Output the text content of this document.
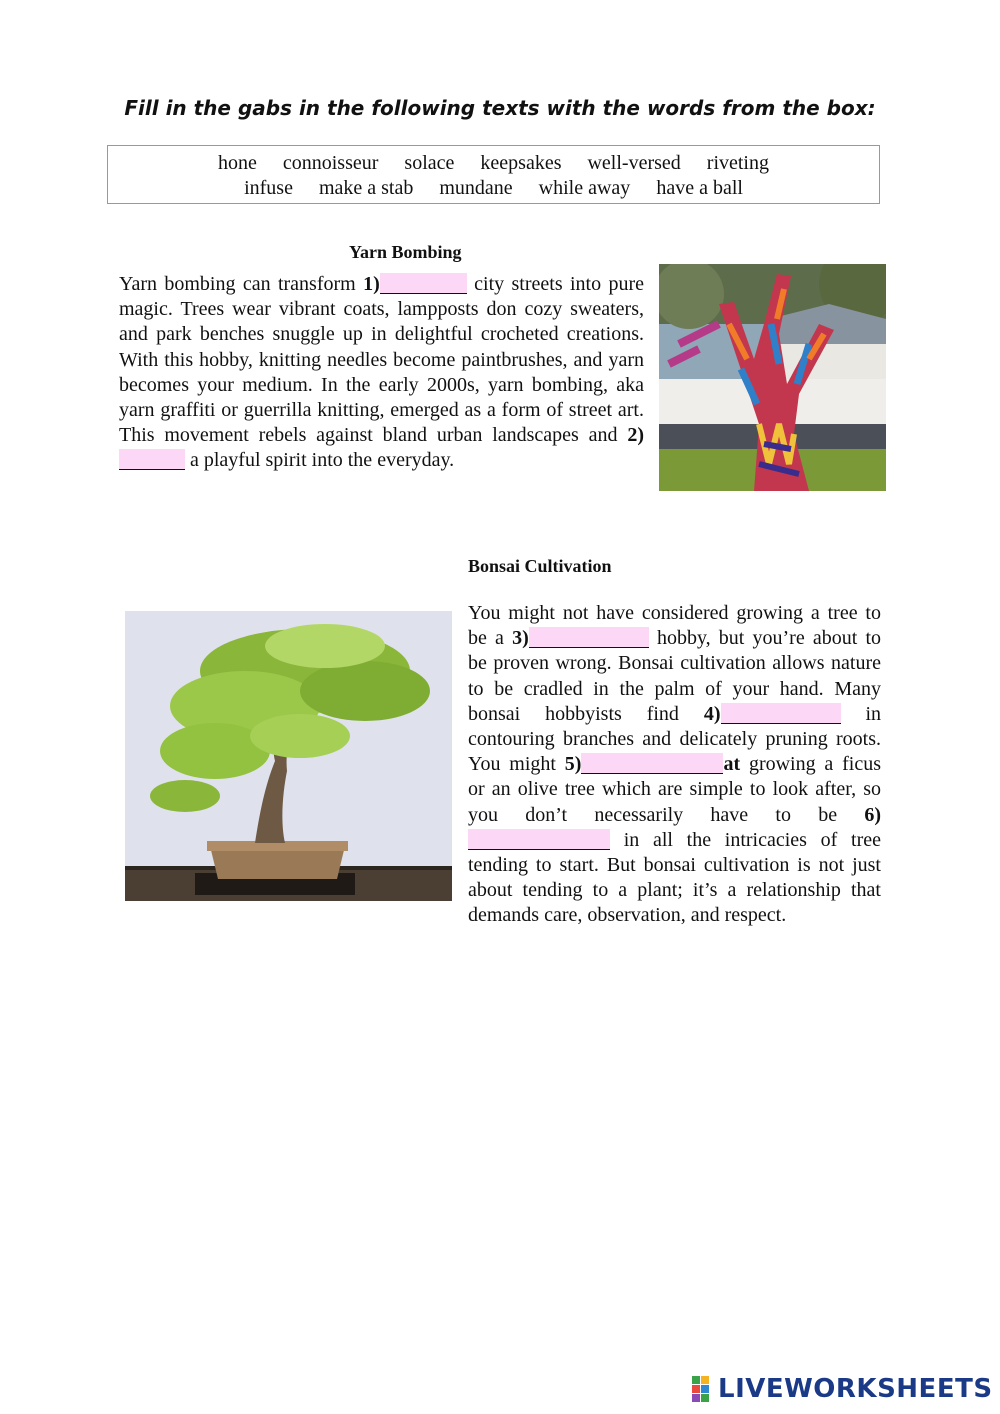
Fill in the gabs in the following texts with the words from the box:
hone connoisseur solace keepsakes well-versed riveting
infuse make a stab mundane while away have a ball
Yarn Bombing
Yarn bombing can transform 1)	city streets into pure magic. Trees wear vibrant coats, lampposts don cozy sweaters, and park benches snuggle up in delightful crocheted creations. With this hobby, knitting needles become paintbrushes, and yarn becomes your medium. In the early 2000s, yarn bombing, aka yarn graffiti or guerrilla knitting, emerged as a form of street art. This movement rebels against bland urban landscapes and 2) a playful spirit into the everyday.
Bonsai Cultivation
You might not have considered growing a tree to be a 3)	hobby, but you’re about to be proven wrong. Bonsai cultivation allows nature to be cradled in the palm of your hand. Many bonsai hobbyists find 4)	in contouring branches and delicately pruning roots. You might 5)	at growing a ficus or an olive tree which are simple to look after, so you don’t necessarily have to be 6) in all the intricacies of tree tending to start. But bonsai cultivation is not just about tending to a plant; it’s a relationship that demands care, observation, and respect.
LIVEWORKSHEETS
